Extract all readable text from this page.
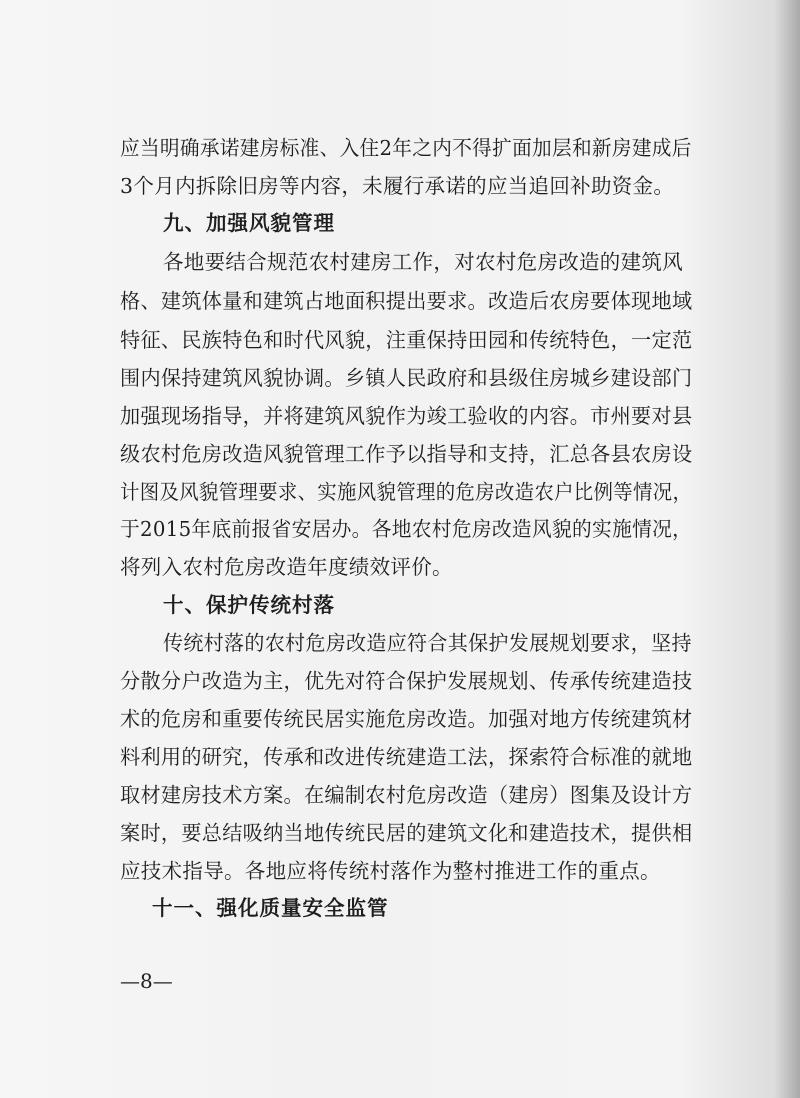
应当明确承诺建房标准、入住2年之内不得扩面加层和新房建成后
3个月内拆除旧房等内容，未履行承诺的应当追回补助资金。
九、加强风貌管理
各地要结合规范农村建房工作，对农村危房改造的建筑风
格、建筑体量和建筑占地面积提出要求。改造后农房要体现地域
特征、民族特色和时代风貌，注重保持田园和传统特色，一定范
围内保持建筑风貌协调。乡镇人民政府和县级住房城乡建设部门
加强现场指导，并将建筑风貌作为竣工验收的内容。市州要对县
级农村危房改造风貌管理工作予以指导和支持，汇总各县农房设
计图及风貌管理要求、实施风貌管理的危房改造农户比例等情况，
于2015年底前报省安居办。各地农村危房改造风貌的实施情况，
将列入农村危房改造年度绩效评价。
十、保护传统村落
传统村落的农村危房改造应符合其保护发展规划要求，坚持
分散分户改造为主，优先对符合保护发展规划、传承传统建造技
术的危房和重要传统民居实施危房改造。加强对地方传统建筑材
料利用的研究，传承和改进传统建造工法，探索符合标准的就地
取材建房技术方案。在编制农村危房改造（建房）图集及设计方
案时，要总结吸纳当地传统民居的建筑文化和建造技术，提供相
应技术指导。各地应将传统村落作为整村推进工作的重点。
十一、强化质量安全监管
—8—
